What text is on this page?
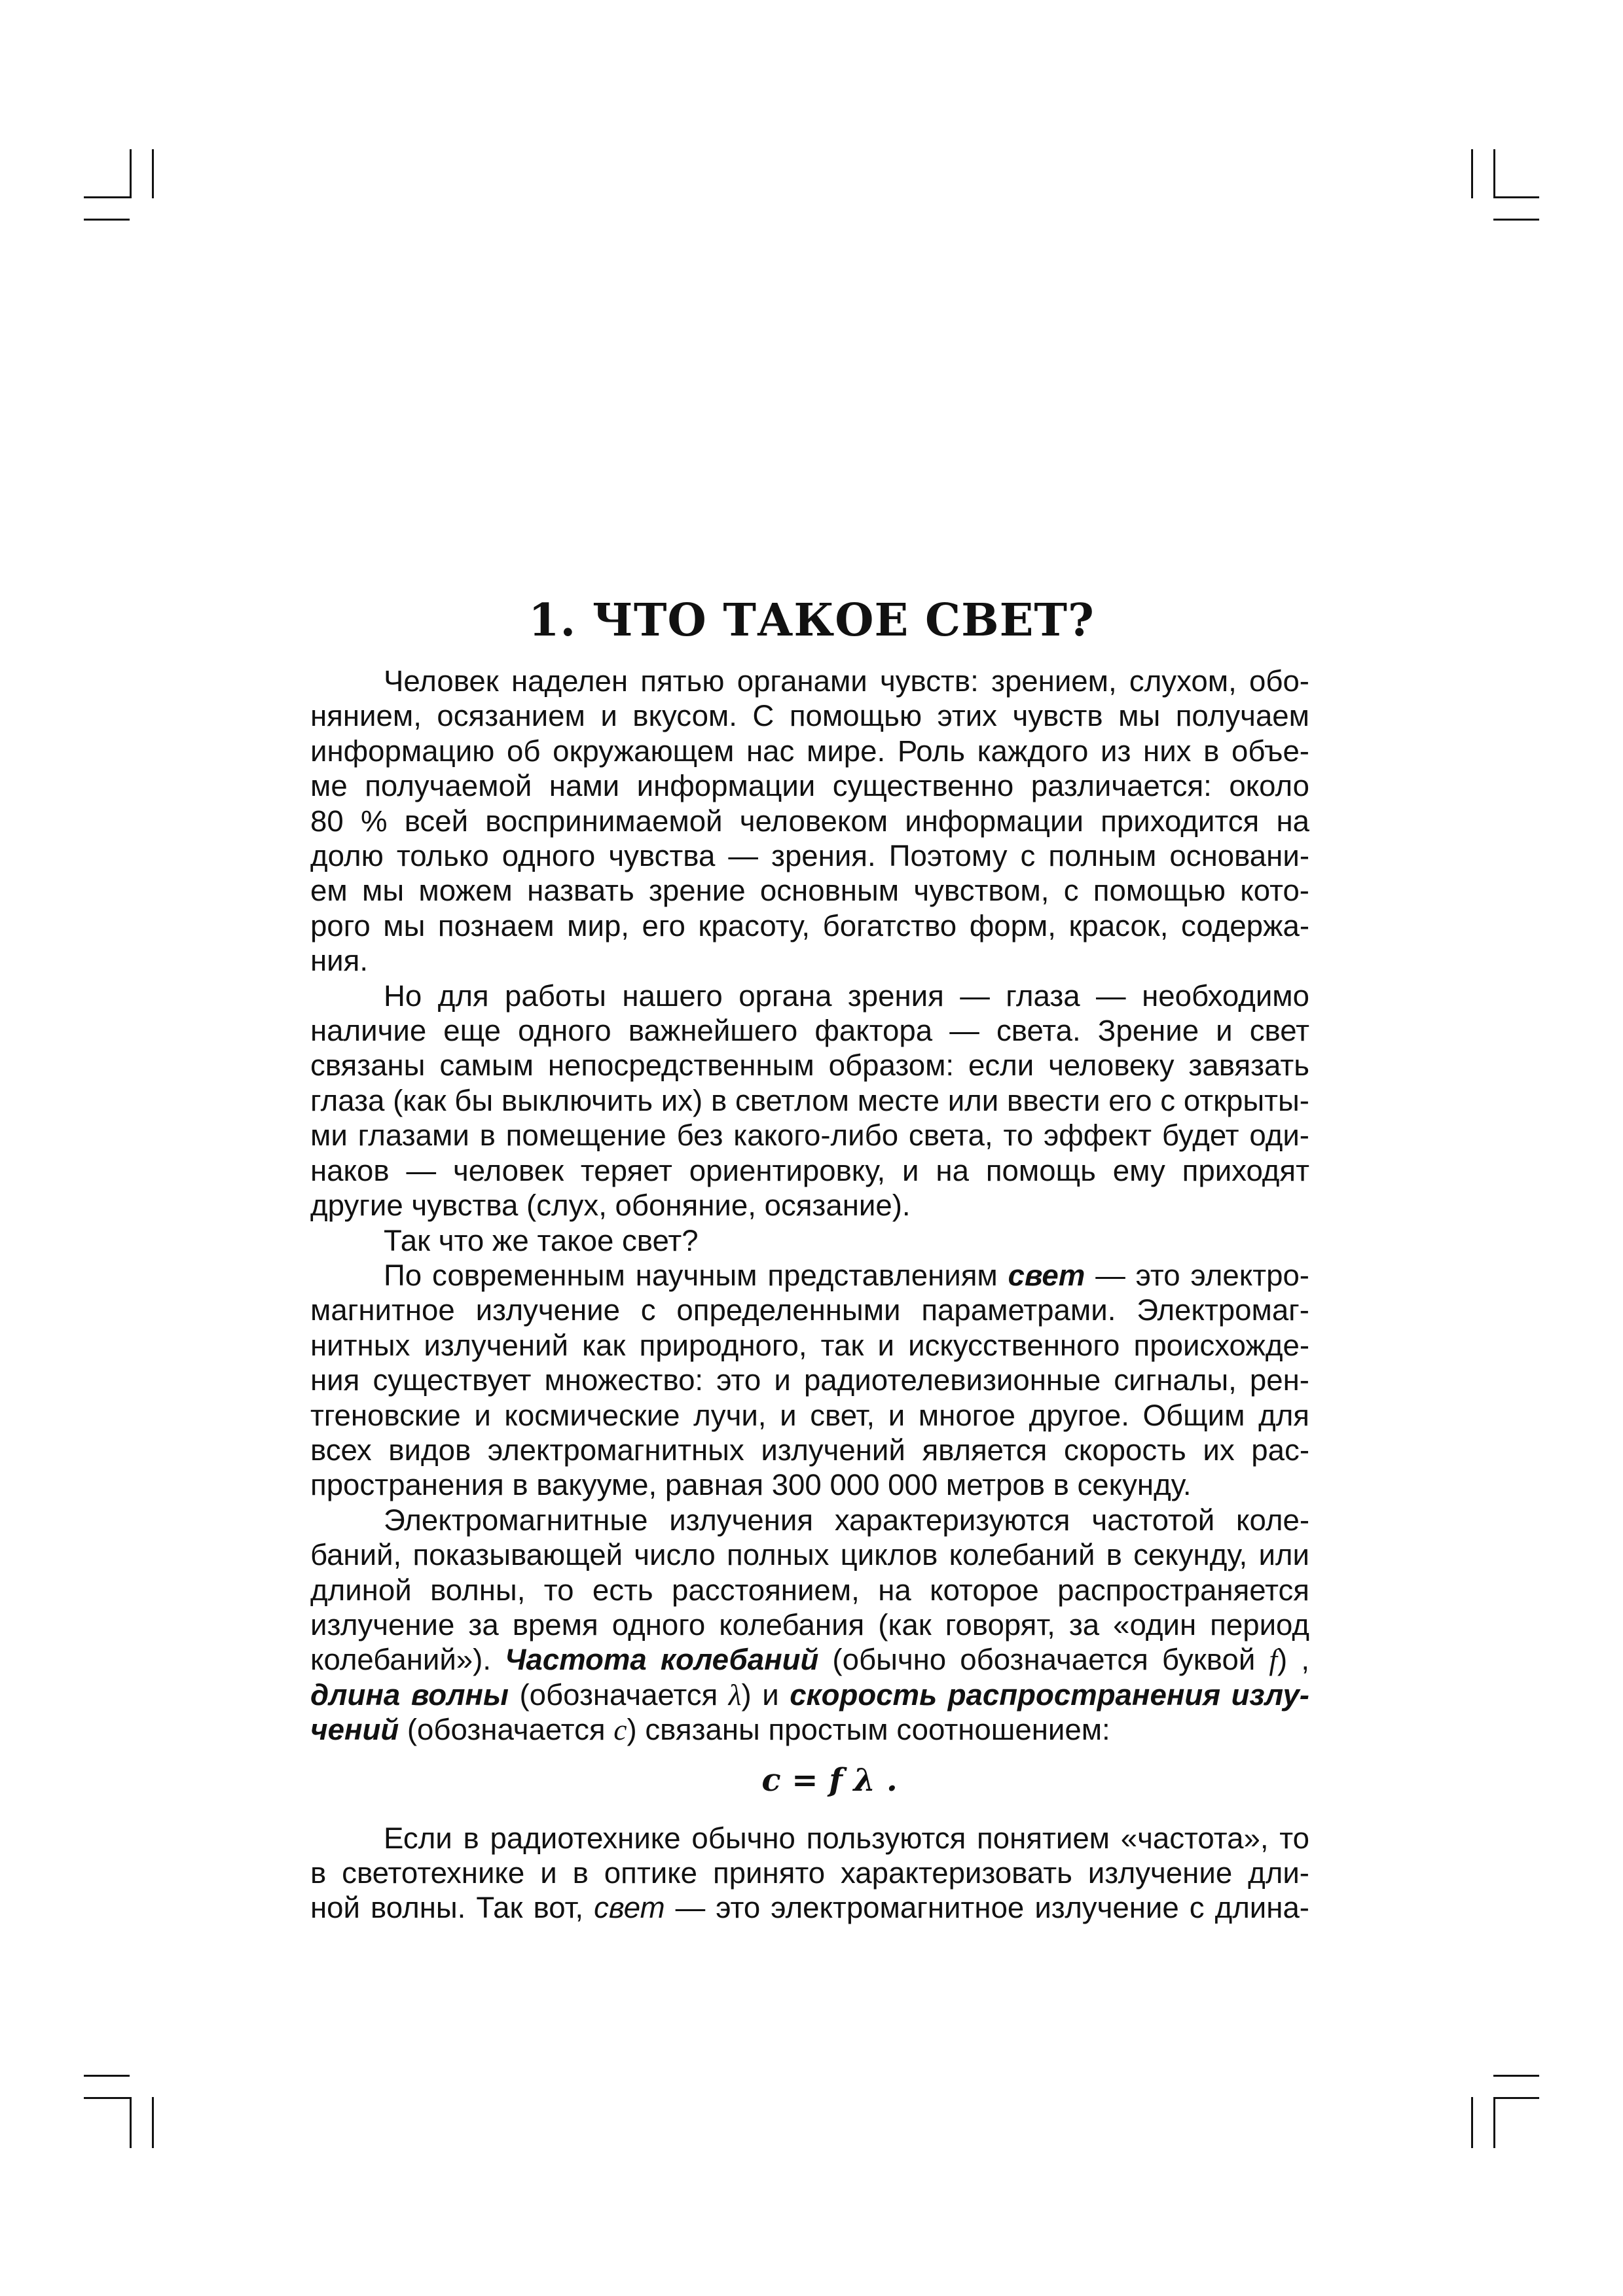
1. ЧТО ТАКОЕ СВЕТ?
Человек наделен пятью органами чувств: зрением, слухом, обо-
нянием, осязанием и вкусом. С помощью этих чувств мы получаем
информацию об окружающем нас мире. Роль каждого из них в объе-
ме получаемой нами информации существенно различается: около
80 % всей воспринимаемой человеком информации приходится на
долю только одного чувства — зрения. Поэтому с полным основани-
ем мы можем назвать зрение основным чувством, с помощью кото-
рого мы познаем мир, его красоту, богатство форм, красок, содержа-
ния.
Но для работы нашего органа зрения — глаза — необходимо
наличие еще одного важнейшего фактора — света. Зрение и свет
связаны самым непосредственным образом: если человеку завязать
глаза (как бы выключить их) в светлом месте или ввести его с открыты-
ми глазами в помещение без какого-либо света, то эффект будет оди-
наков — человек теряет ориентировку, и на помощь ему приходят
другие чувства (слух, обоняние, осязание).
Так что же такое свет?
По современным научным представлениям свет — это электро-
магнитное излучение с определенными параметрами. Электромаг-
нитных излучений как природного, так и искусственного происхожде-
ния существует множество: это и радиотелевизионные сигналы, рен-
тгеновские и космические лучи, и свет, и многое другое. Общим для
всех видов электромагнитных излучений является скорость их рас-
пространения в вакууме, равная 300 000 000 метров в секунду.
Электромагнитные излучения характеризуются частотой коле-
баний, показывающей число полных циклов колебаний в секунду, или
длиной волны, то есть расстоянием, на которое распространяется
излучение за время одного колебания (как говорят, за «один период
колебаний»). Частота колебаний (обычно обозначается буквой f) ,
длина волны (обозначается λ) и скорость распространения излу-
чений (обозначается c) связаны простым соотношением:
c = f λ .
Если в радиотехнике обычно пользуются понятием «частота», то
в светотехнике и в оптике принято характеризовать излучение дли-
ной волны. Так вот, свет — это электромагнитное излучение с длина-
